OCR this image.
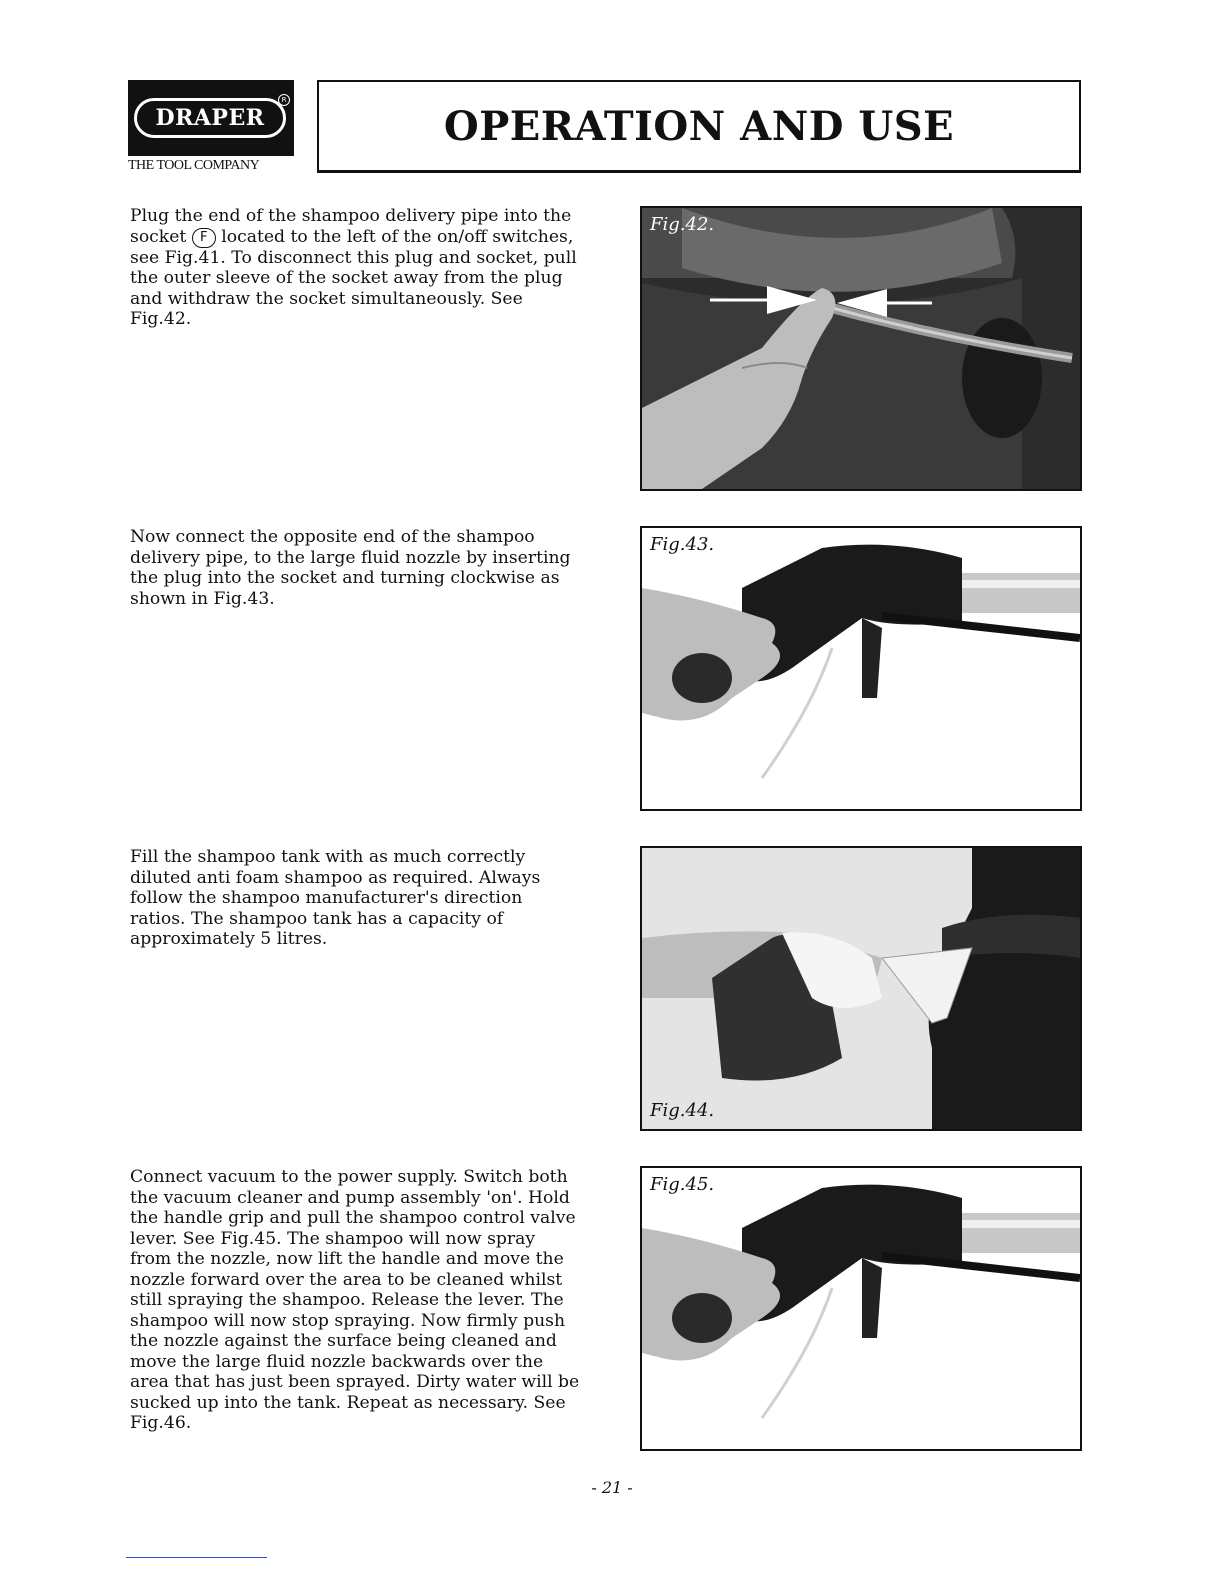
DRAPER
R
THE TOOL COMPANY
OPERATION AND USE
Plug the end of the shampoo delivery pipe into the socket F located to the left of the on/off switches, see Fig.41. To disconnect this plug and socket, pull the outer sleeve of the socket away from the plug and withdraw the socket simultaneously. See Fig.42.
Fig.42.
Now connect the opposite end of the shampoo delivery pipe, to the large fluid nozzle by inserting the plug into the socket and turning clockwise as shown in Fig.43.
Fig.43.
Fill the shampoo tank with as much correctly diluted anti foam shampoo as required. Always follow the shampoo manufacturer's direction ratios. The shampoo tank has a capacity of approximately 5 litres.
Fig.44.
Connect vacuum to the power supply. Switch both the vacuum cleaner and pump assembly 'on'. Hold the handle grip and pull the shampoo control valve lever. See Fig.45. The shampoo will now spray from the nozzle, now lift the handle and move the nozzle forward over the area to be cleaned whilst still spraying the shampoo. Release the lever. The shampoo will now stop spraying. Now firmly push the nozzle against the surface being cleaned and move the large fluid nozzle backwards over the area that has just been sprayed. Dirty water will be sucked up into the tank. Repeat as necessary. See Fig.46.
Fig.45.
- 21 -
